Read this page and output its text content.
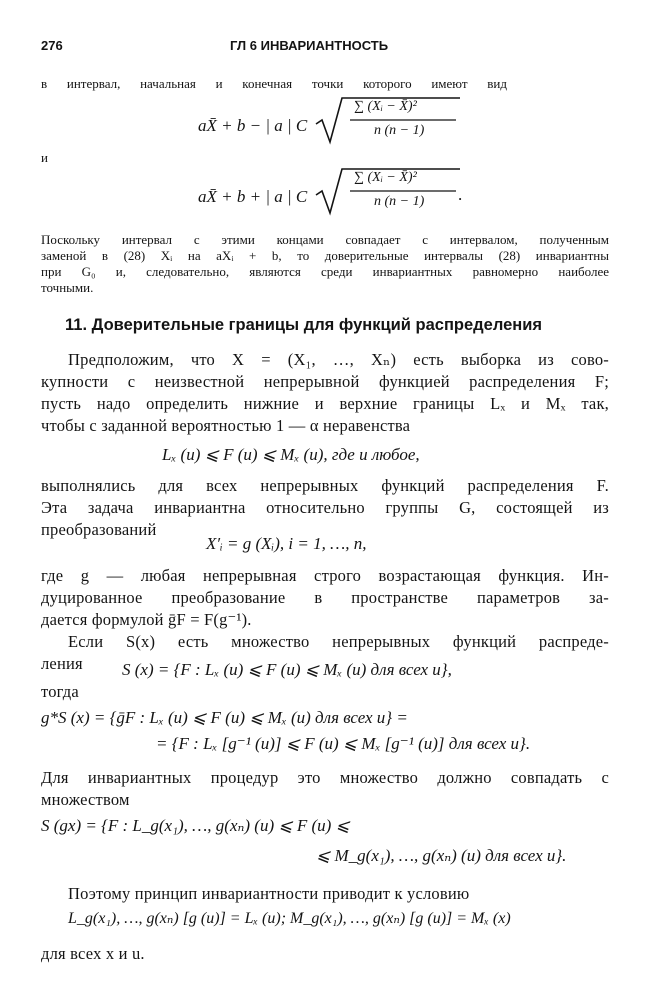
276	ГЛ 6 ИНВАРИАНТНОСТЬ
в интервал, начальная и конечная точки которого имеют вид
aX̄ + b − | a | C
∑ (Xᵢ − X̄)²
n (n − 1)
и
aX̄ + b + | a | C
∑ (Xᵢ − X̄)²
n (n − 1) .
Поскольку интервал с этими концами совпадает с интервалом, полученным
заменой в (28) Xᵢ на aXᵢ + b, то доверительные интервалы (28) инвариантны
при G₀ и, следовательно, являются среди инвариантных равномерно наиболее
точными.
11. Доверительные границы для функций распределения
Предположим, что X = (X₁, …, Xₙ) есть выборка из сово-
купности с неизвестной непрерывной функцией распределения F;
пусть надо определить нижние и верхние границы Lₓ и Mₓ так,
чтобы с заданной вероятностью 1 — α неравенства
Lₓ (u) ⩽ F (u) ⩽ Mₓ (u), где u любое,
выполнялись для всех непрерывных функций распределения F.
Эта задача инвариантна относительно группы G, состоящей из
преобразований
X′ᵢ = g (Xᵢ), i = 1, …, n,
где g — любая непрерывная строго возрастающая функция. Ин-
дуцированное преобразование в пространстве параметров за-
дается формулой ḡF = F(g⁻¹).
Если S(x) есть множество непрерывных функций распреде-
ления S (x) = {F : Lₓ (u) ⩽ F (u) ⩽ Mₓ (u) для всех u},
тогда
g*S (x) = {ḡF : Lₓ (u) ⩽ F (u) ⩽ Mₓ (u) для всех u} =
= {F : Lₓ [g⁻¹ (u)] ⩽ F (u) ⩽ Mₓ [g⁻¹ (u)] для всех u}.
Для инвариантных процедур это множество должно совпадать с
множеством
S (gx) = {F : L_g(x₁), …, g(xₙ) (u) ⩽ F (u) ⩽
⩽ M_g(x₁), …, g(xₙ) (u) для всех u}.
Поэтому принцип инвариантности приводит к условию
L_g(x₁), …, g(xₙ) [g (u)] = Lₓ (u); M_g(x₁), …, g(xₙ) [g (u)] = Mₓ (x)
для всех x и u.
